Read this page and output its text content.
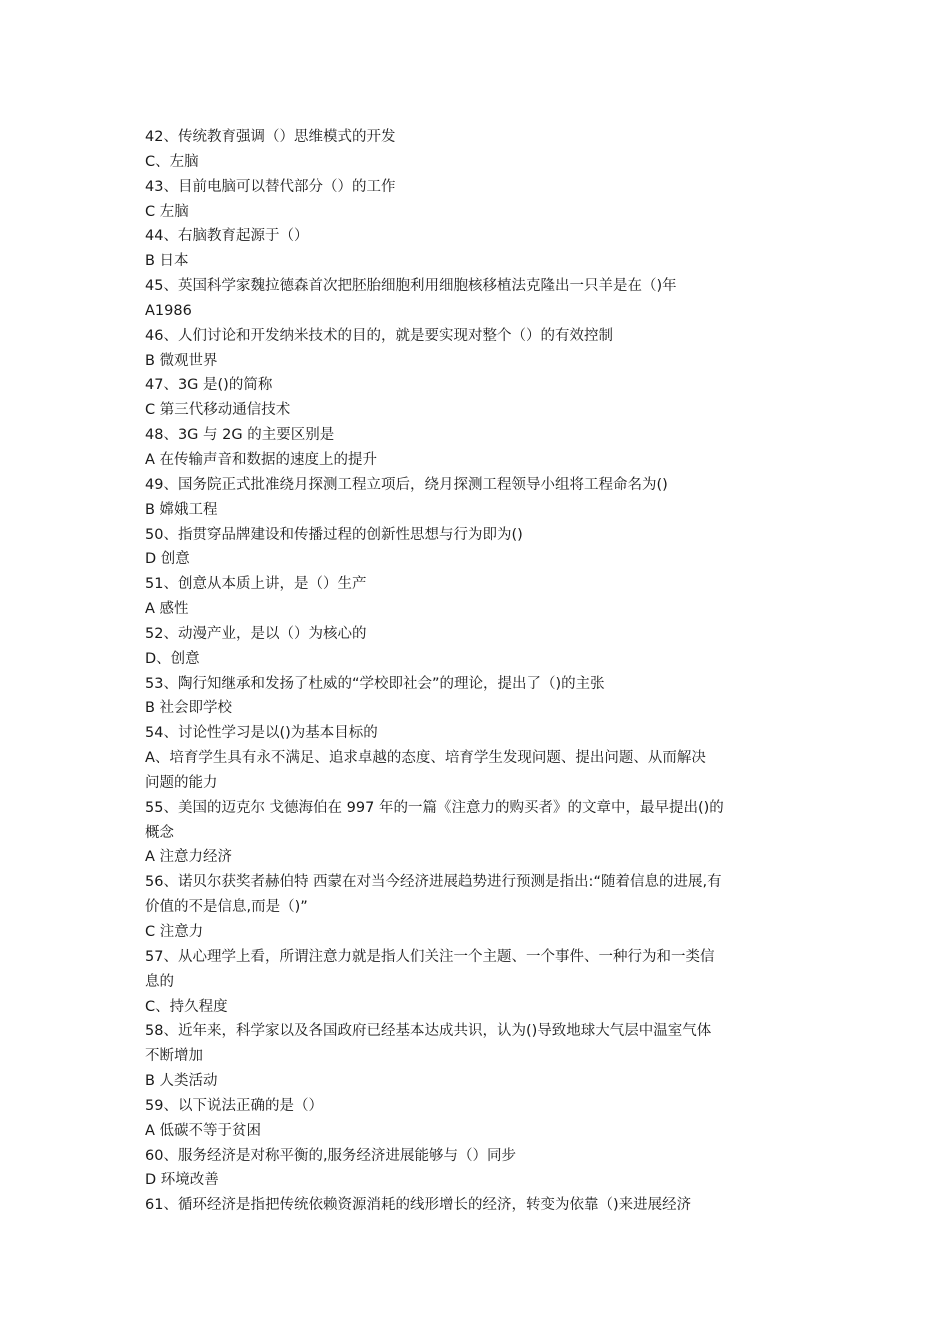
42、传统教育强调（）思维模式的开发
C、左脑
43、目前电脑可以替代部分（）的工作
C 左脑
44、右脑教育起源于（）
B 日本
45、英国科学家魏拉德森首次把胚胎细胞利用细胞核移植法克隆出一只羊是在（)年
A1986
46、人们讨论和开发纳米技术的目的，就是要实现对整个（）的有效控制
B 微观世界
47、3G 是()的简称
C 第三代移动通信技术
48、3G 与 2G 的主要区别是
A 在传输声音和数据的速度上的提升
49、国务院正式批准绕月探测工程立项后，绕月探测工程领导小组将工程命名为()
B 嫦娥工程
50、指贯穿品牌建设和传播过程的创新性思想与行为即为()
D 创意
51、创意从本质上讲，是（）生产
A 感性
52、动漫产业，是以（）为核心的
D、创意
53、陶行知继承和发扬了杜威的“学校即社会”的理论，提出了（)的主张
B 社会即学校
54、讨论性学习是以()为基本目标的
A、培育学生具有永不满足、追求卓越的态度、培育学生发现问题、提出问题、从而解决
问题的能力
55、美国的迈克尔 戈德海伯在 997 年的一篇《注意力的购买者》的文章中，最早提出()的
概念
A 注意力经济
56、诺贝尔获奖者赫伯特 西蒙在对当今经济进展趋势进行预测是指出:“随着信息的进展,有
价值的不是信息,而是（)”
C 注意力
57、从心理学上看，所谓注意力就是指人们关注一个主题、一个事件、一种行为和一类信
息的
C、持久程度
58、近年来，科学家以及各国政府已经基本达成共识，认为()导致地球大气层中温室气体
不断增加
B 人类活动
59、以下说法正确的是（）
A 低碳不等于贫困
60、服务经济是对称平衡的,服务经济进展能够与（）同步
D 环境改善
61、循环经济是指把传统依赖资源消耗的线形增长的经济，转变为依靠（)来进展经济
